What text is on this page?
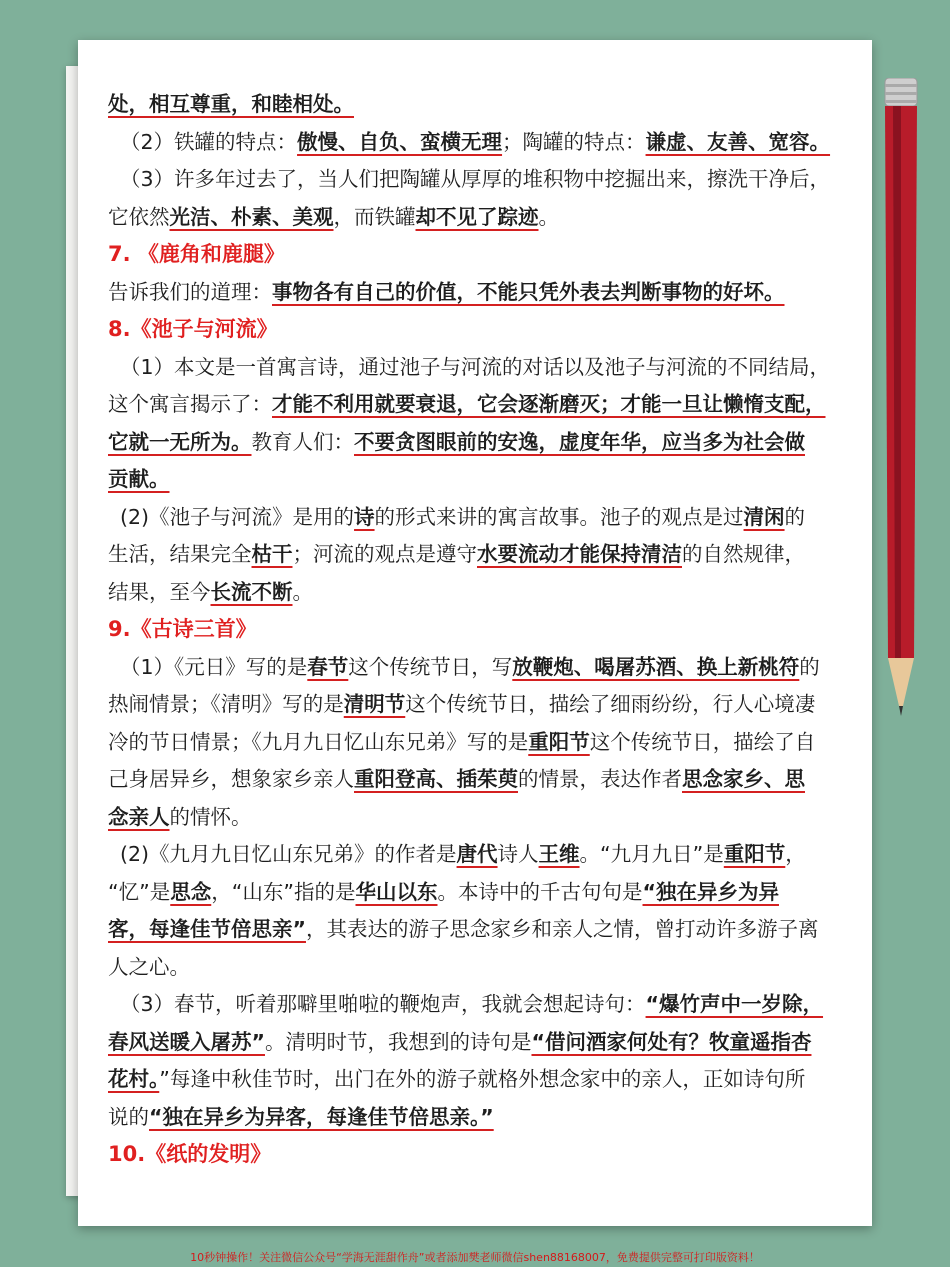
处，相互尊重，和睦相处。
（2）铁罐的特点：傲慢、自负、蛮横无理；陶罐的特点：谦虚、友善、宽容。
（3）许多年过去了，当人们把陶罐从厚厚的堆积物中挖掘出来，擦洗干净后，
它依然光洁、朴素、美观，而铁罐却不见了踪迹。
7. 《鹿角和鹿腿》
告诉我们的道理：事物各有自己的价值，不能只凭外表去判断事物的好坏。
8.《池子与河流》
（1）本文是一首寓言诗，通过池子与河流的对话以及池子与河流的不同结局，
这个寓言揭示了：才能不利用就要衰退，它会逐渐磨灭；才能一旦让懒惰支配，
它就一无所为。教育人们：不要贪图眼前的安逸，虚度年华，应当多为社会做
贡献。
(2)《池子与河流》是用的诗的形式来讲的寓言故事。池子的观点是过清闲的
生活，结果完全枯干；河流的观点是遵守水要流动才能保持清洁的自然规律，
结果，至今长流不断。
9.《古诗三首》
（1）《元日》写的是春节这个传统节日，写放鞭炮、喝屠苏酒、换上新桃符的
热闹情景；《清明》写的是清明节这个传统节日，描绘了细雨纷纷，行人心境凄
冷的节日情景；《九月九日忆山东兄弟》写的是重阳节这个传统节日，描绘了自
己身居异乡，想象家乡亲人重阳登高、插茱萸的情景，表达作者思念家乡、思
念亲人的情怀。
(2)《九月九日忆山东兄弟》的作者是唐代诗人王维。“九月九日”是重阳节，
“忆”是思念，“山东”指的是华山以东。本诗中的千古句句是“独在异乡为异
客，每逢佳节倍思亲”，其表达的游子思念家乡和亲人之情，曾打动许多游子离
人之心。
（3）春节，听着那噼里啪啦的鞭炮声，我就会想起诗句：“爆竹声中一岁除，
春风送暖入屠苏”。清明时节，我想到的诗句是“借问酒家何处有？牧童遥指杏
花村。”每逢中秋佳节时，出门在外的游子就格外想念家中的亲人，正如诗句所
说的“独在异乡为异客，每逢佳节倍思亲。”
10.《纸的发明》
10秒钟操作！关注微信公众号“学海无涯甜作舟”或者添加樊老师微信shen88168007，免费提供完整可打印版资料！
